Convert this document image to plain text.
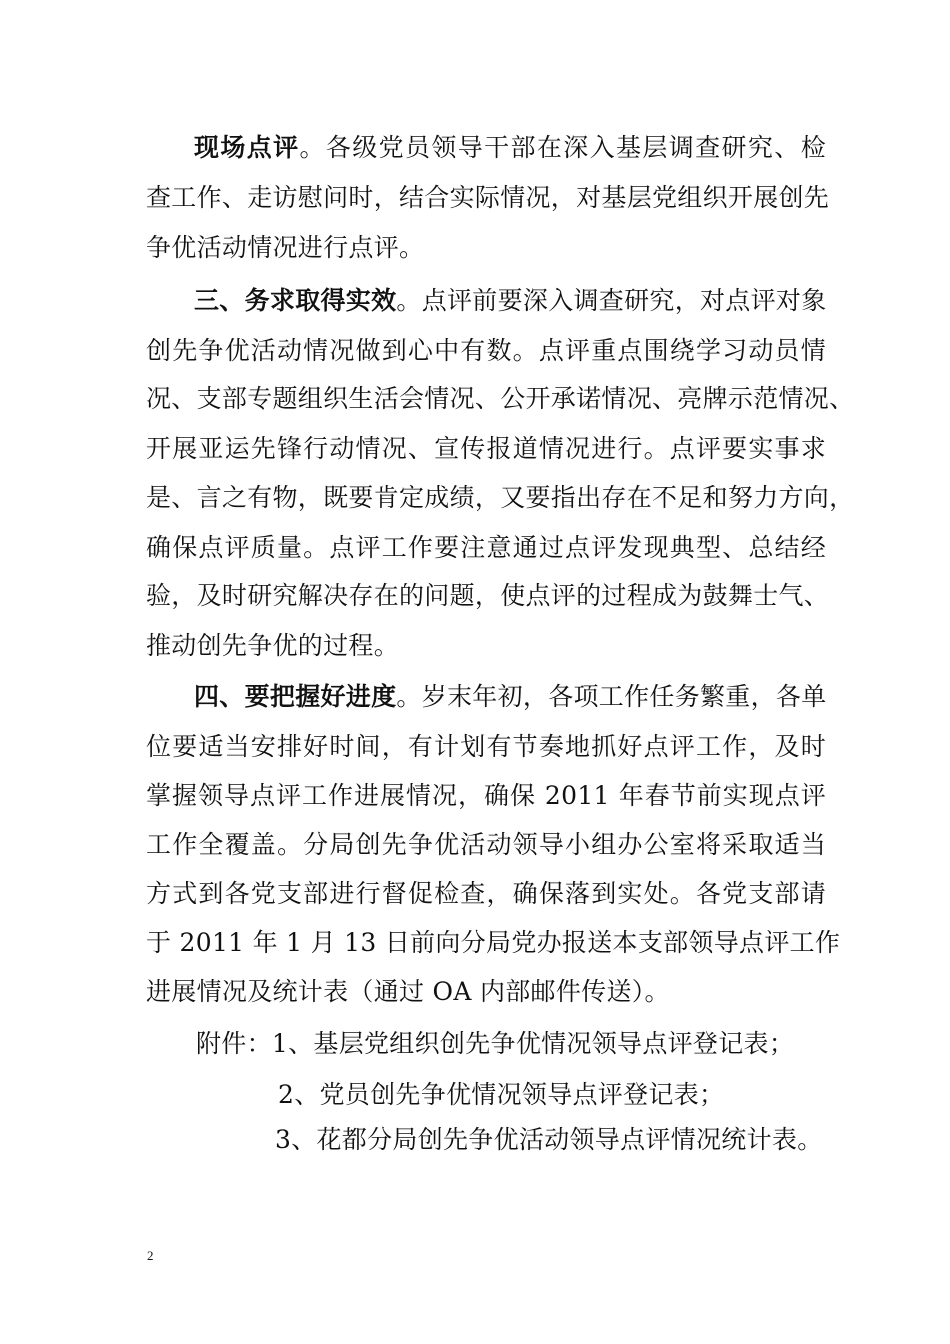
现场点评。各级党员领导干部在深入基层调查研究、检
查工作、走访慰问时，结合实际情况，对基层党组织开展创先
争优活动情况进行点评。
三、务求取得实效。点评前要深入调查研究，对点评对象
创先争优活动情况做到心中有数。点评重点围绕学习动员情
况、支部专题组织生活会情况、公开承诺情况、亮牌示范情况、
开展亚运先锋行动情况、宣传报道情况进行。点评要实事求
是、言之有物，既要肯定成绩，又要指出存在不足和努力方向，
确保点评质量。点评工作要注意通过点评发现典型、总结经
验，及时研究解决存在的问题，使点评的过程成为鼓舞士气、
推动创先争优的过程。
四、要把握好进度。岁末年初，各项工作任务繁重，各单
位要适当安排好时间，有计划有节奏地抓好点评工作，及时
掌握领导点评工作进展情况，确保 2011 年春节前实现点评
工作全覆盖。分局创先争优活动领导小组办公室将采取适当
方式到各党支部进行督促检查，确保落到实处。各党支部请
于 2011 年 1 月 13 日前向分局党办报送本支部领导点评工作
进展情况及统计表（通过 OA 内部邮件传送）。
附件：1、基层党组织创先争优情况领导点评登记表；
2、党员创先争优情况领导点评登记表；
3、花都分局创先争优活动领导点评情况统计表。
2
